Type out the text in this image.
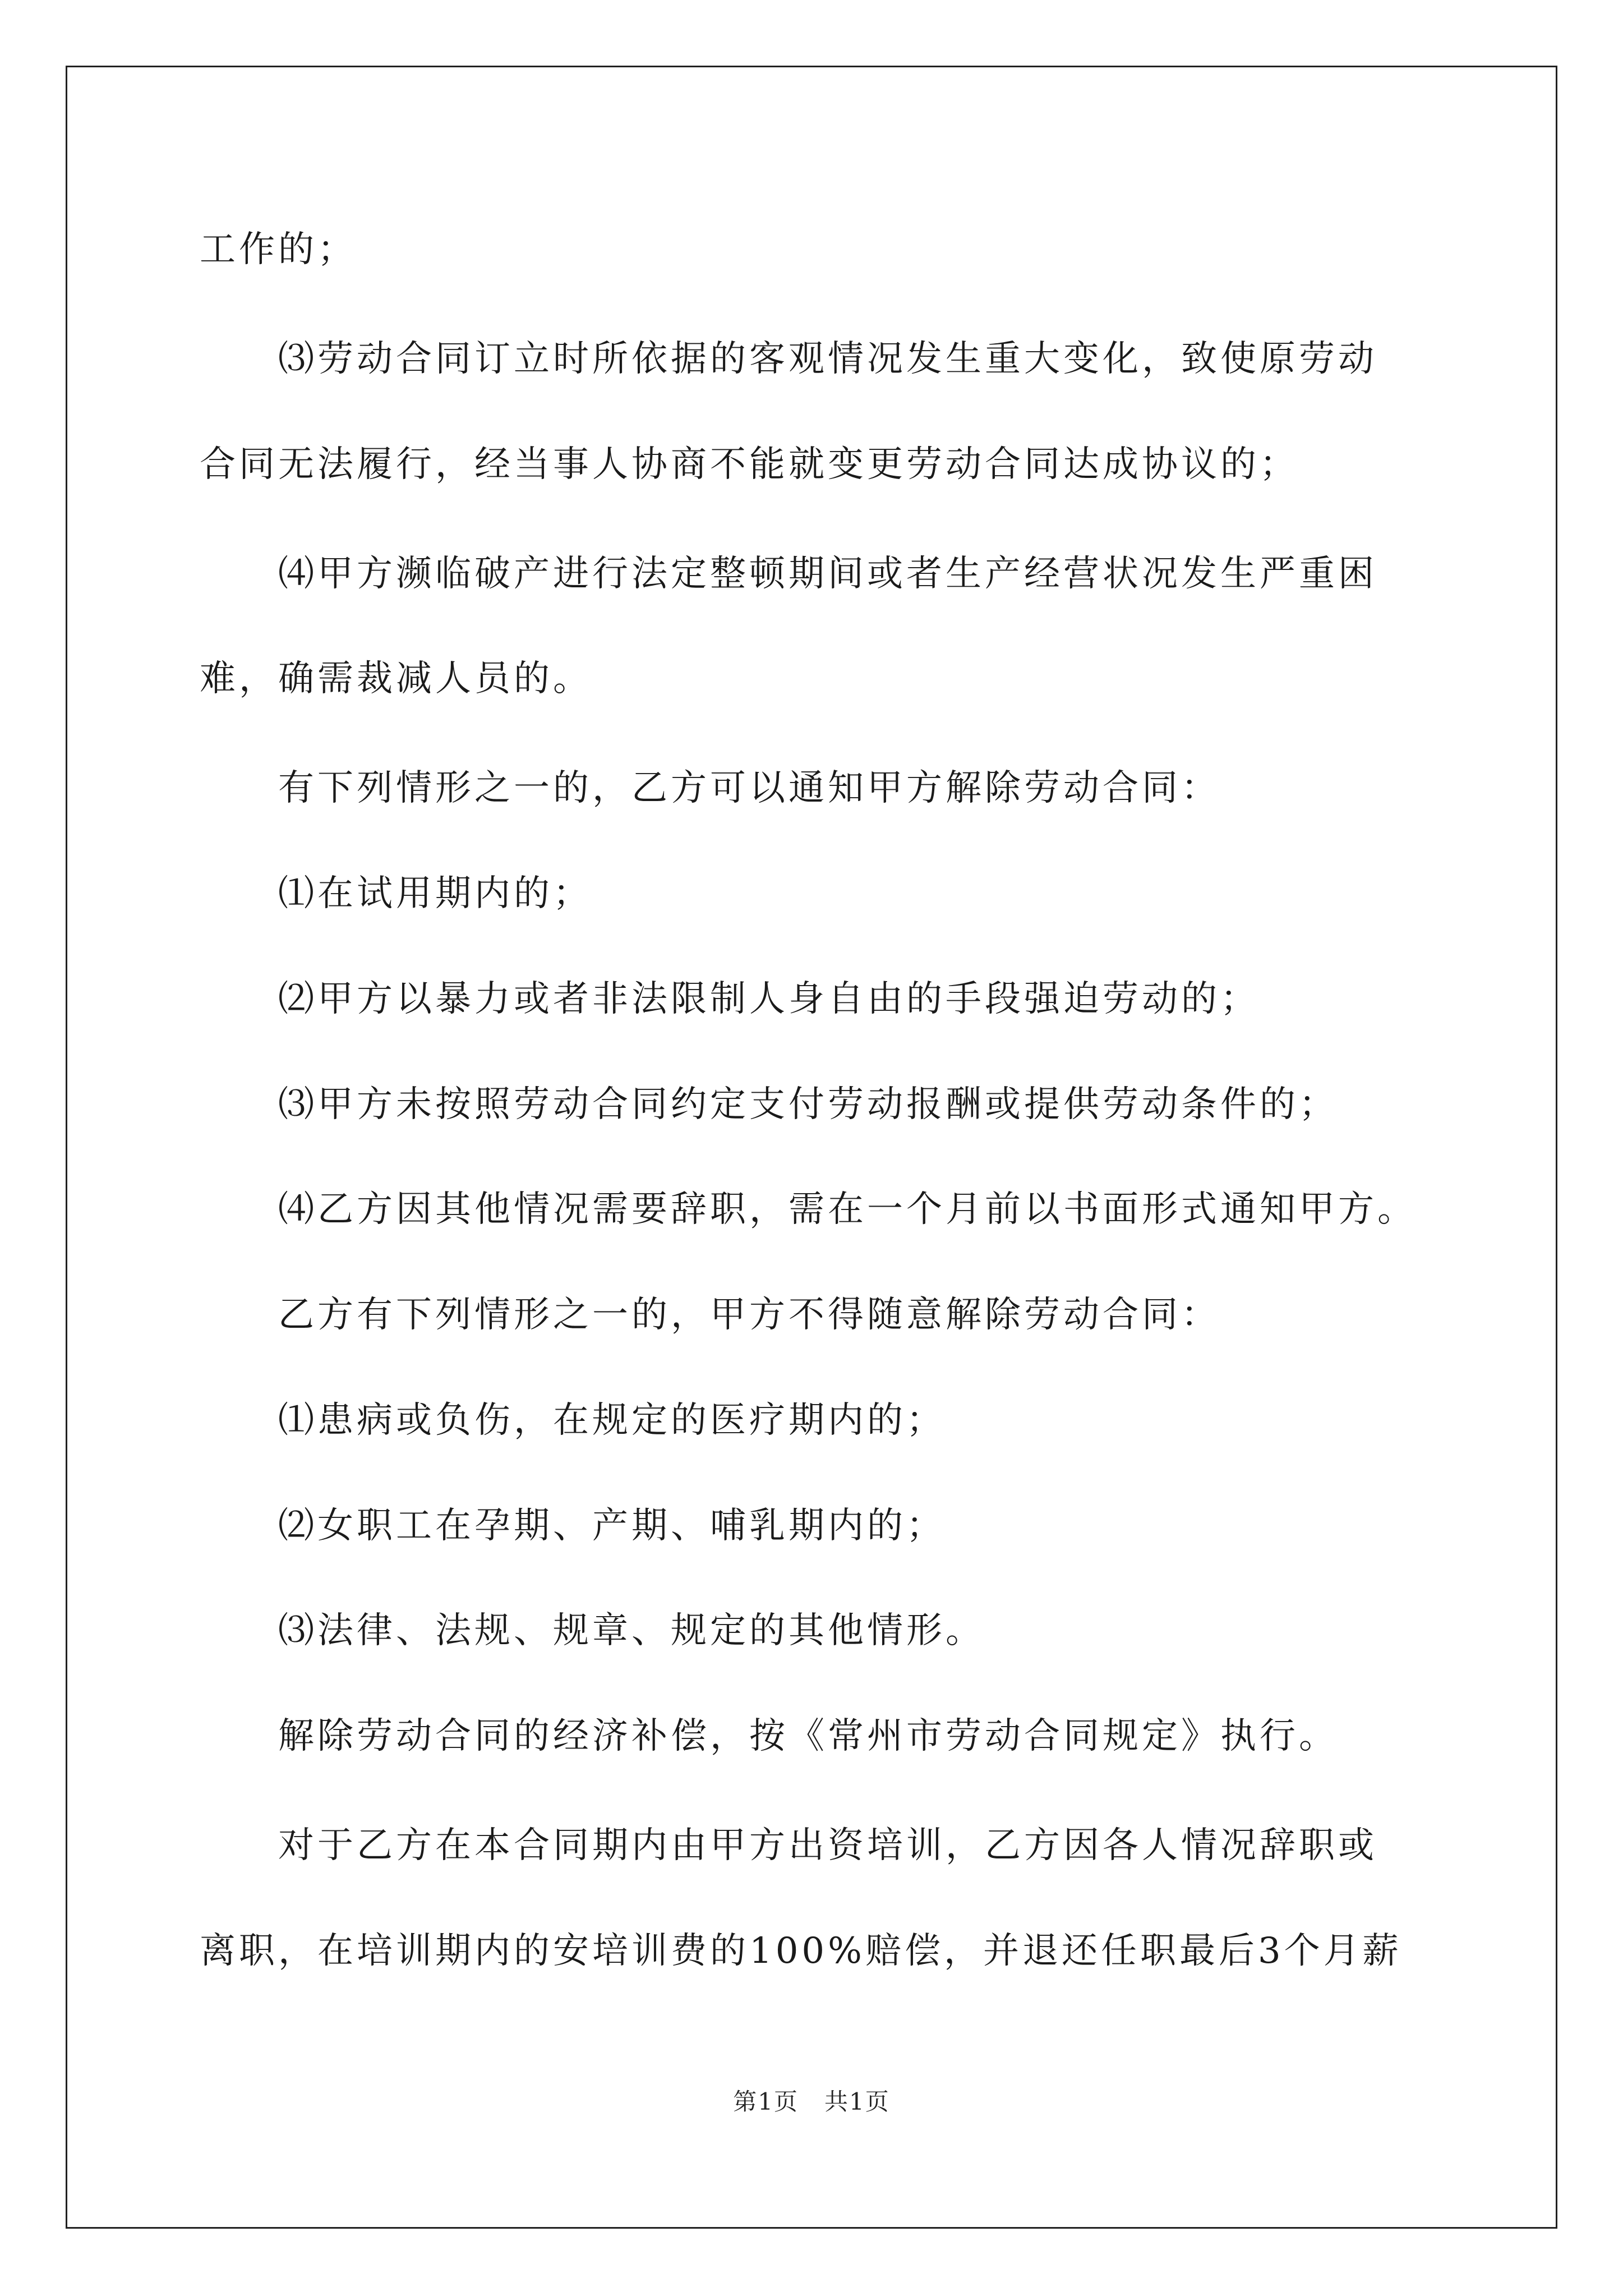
工作的；
⑶劳动合同订立时所依据的客观情况发生重大变化，致使原劳动
合同无法履行，经当事人协商不能就变更劳动合同达成协议的；
⑷甲方濒临破产进行法定整顿期间或者生产经营状况发生严重困
难，确需裁减人员的。
有下列情形之一的，乙方可以通知甲方解除劳动合同：
⑴在试用期内的；
⑵甲方以暴力或者非法限制人身自由的手段强迫劳动的；
⑶甲方未按照劳动合同约定支付劳动报酬或提供劳动条件的；
⑷乙方因其他情况需要辞职，需在一个月前以书面形式通知甲方。
乙方有下列情形之一的，甲方不得随意解除劳动合同：
⑴患病或负伤，在规定的医疗期内的；
⑵女职工在孕期、产期、哺乳期内的；
⑶法律、法规、规章、规定的其他情形。
解除劳动合同的经济补偿，按《常州市劳动合同规定》执行。
对于乙方在本合同期内由甲方出资培训，乙方因各人情况辞职或
离职，在培训期内的安培训费的100%赔偿，并退还任职最后3个月薪
第1页   共1页
